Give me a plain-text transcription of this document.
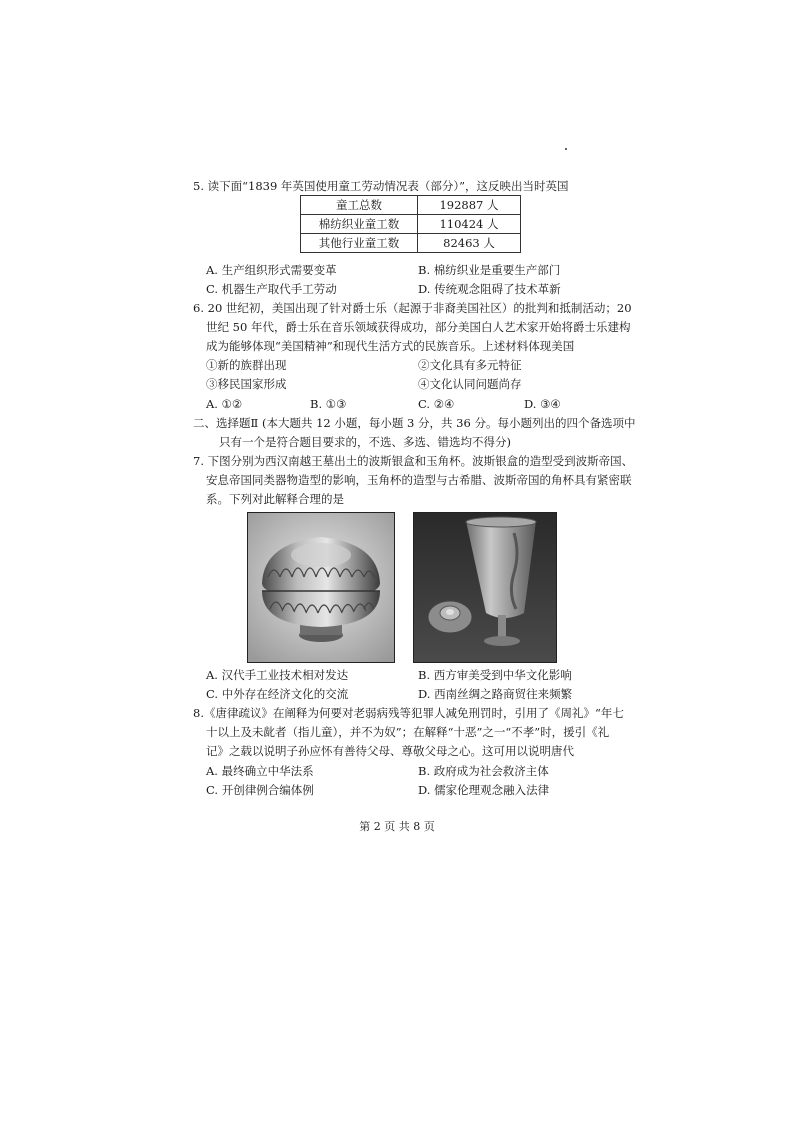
5. 读下面“1839 年英国使用童工劳动情况表（部分）”，这反映出当时英国
童工总数	192887 人
棉纺织业童工数	110424 人
其他行业童工数	82463 人
A. 生产组织形式需要变革	B. 棉纺织业是重要生产部门
C. 机器生产取代手工劳动	D. 传统观念阻碍了技术革新
6. 20 世纪初，美国出现了针对爵士乐（起源于非裔美国社区）的批判和抵制活动；20
世纪 50 年代，爵士乐在音乐领域获得成功，部分美国白人艺术家开始将爵士乐建构
成为能够体现“美国精神”和现代生活方式的民族音乐。上述材料体现美国
①新的族群出现	②文化具有多元特征
③移民国家形成	④文化认同问题尚存
A. ①②	B. ①③	C. ②④	D. ③④
二、选择题Ⅱ (本大题共 12 小题，每小题 3 分，共 36 分。每小题列出的四个备选项中
只有一个是符合题目要求的，不选、多选、错选均不得分)
7. 下图分别为西汉南越王墓出土的波斯银盒和玉角杯。波斯银盒的造型受到波斯帝国、
安息帝国同类器物造型的影响，玉角杯的造型与古希腊、波斯帝国的角杯具有紧密联
系。下列对此解释合理的是
A. 汉代手工业技术相对发达	B. 西方审美受到中华文化影响
C. 中外存在经济文化的交流	D. 西南丝绸之路商贸往来频繁
8.《唐律疏议》在阐释为何要对老弱病残等犯罪人减免刑罚时，引用了《周礼》“年七
十以上及未龀者（指儿童），并不为奴”；在解释“十恶”之一“不孝”时，援引《礼
记》之载以说明子孙应怀有善待父母、尊敬父母之心。这可用以说明唐代
A. 最终确立中华法系	B. 政府成为社会救济主体
C. 开创律例合编体例	D. 儒家伦理观念融入法律
第 2 页 共 8 页
